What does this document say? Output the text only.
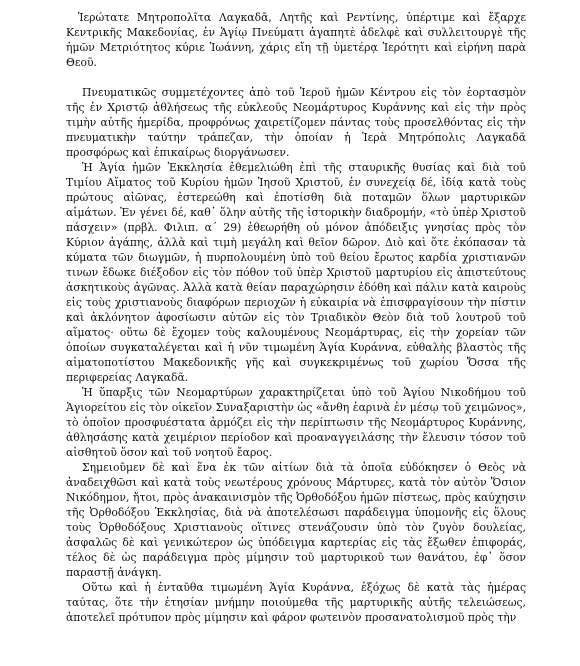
Ἱερώτατε Μητροπολῖτα Λαγκαδᾶ, Λητῆς καὶ Ρεντίνης, ὑπέρτιμε καὶ ἔξαρχε Κεντρικῆς Μακεδονίας, ἐν Ἁγίῳ Πνεύματι ἀγαπητὲ ἀδελφὲ καὶ συλλειτουργὲ τῆς ἡμῶν Μετριότητος κύριε Ἰωάννη, χάρις εἴη τῇ ὑμετέρᾳ Ἱερότητι καὶ εἰρήνη παρὰ Θεοῦ.

Πνευματικῶς συμμετέχοντες ἀπὸ τοῦ Ἱεροῦ ἡμῶν Κέντρου εἰς τὸν ἑορτασμὸν τῆς ἐν Χριστῷ ἀθλήσεως τῆς εὐκλεοῦς Νεομάρτυρος Κυράννης καὶ εἰς τὴν πρὸς τιμὴν αὐτῆς ἡμερίδα, προφρόνως χαιρετίζομεν πάντας τοὺς προσελθόντας εἰς τὴν πνευματικὴν ταύτην τράπεζαν, τὴν ὁποίαν ἡ Ἱερὰ Μητρόπολις Λαγκαδᾶ προσφόρως καὶ ἐπικαίρως διοργάνωσεν.

Ἡ Ἁγία ἡμῶν Ἐκκλησία ἐθεμελιώθη ἐπὶ τῆς σταυρικῆς θυσίας καὶ διὰ τοῦ Τιμίου Αἵματος τοῦ Κυρίου ἡμῶν Ἰησοῦ Χριστοῦ, ἐν συνεχείᾳ δέ, ἰδίᾳ κατὰ τοὺς πρώτους αἰῶνας, ἐστερεώθη καὶ ἐποτίσθη διὰ ποταμῶν ὅλων μαρτυρικῶν αἱμάτων. Ἐν γένει δέ, καθ᾽ ὅλην αὐτῆς τῆς ἱστορικὴν διαδρομήν, «τὸ ὑπὲρ Χριστοῦ πάσχειν» (πρβλ. Φιλιπ. α´ 29) ἐθεωρήθη οὐ μόνον ἀπόδειξις γνησίας πρὸς τὸν Κύριον ἀγάπης, ἀλλὰ καὶ τιμὴ μεγάλη καὶ θεῖον δῶρον. Διὸ καὶ ὅτε ἐκόπασαν τὰ κύματα τῶν διωγμῶν, ἡ πυρπολουμένη ὑπὸ τοῦ θείου ἔρωτος καρδία χριστιανῶν τινων ἔδωκε διέξοδον εἰς τὸν πόθον τοῦ ὑπὲρ Χριστοῦ μαρτυρίου εἰς ἀπιστεύτους ἀσκητικοὺς ἀγῶνας. Ἀλλὰ κατὰ θείαν παραχώρησιν ἐδόθη καὶ πάλιν κατὰ καιροὺς εἰς τοὺς χριστιανοὺς διαφόρων περιοχῶν ἡ εὐκαιρία νὰ ἐπισφραγίσουν τὴν πίστιν καὶ ἀκλόνητον ἀφοσίωσιν αὐτῶν εἰς τὸν Τριαδικὸν Θεὸν διὰ τοῦ λουτροῦ τοῦ αἵματος· οὕτω δὲ ἔχομεν τοὺς καλουμένους Νεομάρτυρας, εἰς τὴν χορείαν τῶν ὁποίων συγκαταλέγεται καὶ ἡ νῦν τιμωμένη Ἁγία Κυράννα, εὐθαλὴς βλαστὸς τῆς αἱματοποτίστου Μακεδονικῆς γῆς καὶ συγκεκριμένως τοῦ χωρίου Ὄσσα τῆς περιφερείας Λαγκαδᾶ.

Ἡ ὕπαρξις τῶν Νεομαρτύρων χαρακτηρίζεται ὑπὸ τοῦ Ἁγίου Νικοδήμου τοῦ Ἁγιορείτου εἰς τὸν οἰκεῖον Συναξαριστὴν ὡς «ἄνθη ἐαρινὰ ἐν μέσῳ τοῦ χειμῶνος», τὸ ὁποῖον προσφυέστατα ἁρμόζει εἰς τὴν περίπτωσιν τῆς Νεομάρτυρος Κυράννης, ἀθλησάσης κατὰ χειμέριον περίοδον καὶ προαναγγειλάσης τὴν ἔλευσιν τόσον τοῦ αἰσθητοῦ ὅσον καὶ τοῦ νοητοῦ ἔαρος.

Σημειοῦμεν δὲ καὶ ἕνα ἐκ τῶν αἰτίων διὰ τὰ ὁποῖα εὐδόκησεν ὁ Θεὸς νὰ ἀναδειχθῶσι καὶ κατὰ τοὺς νεωτέρους χρόνους Μάρτυρες, κατὰ τὸν αὐτὸν Ὅσιον Νικόδημον, ἤτοι, πρὸς ἀνακαινισμὸν τῆς Ὀρθοδόξου ἡμῶν πίστεως, πρὸς καύχησιν τῆς Ὀρθοδόξου Ἐκκλησίας, διὰ νὰ ἀποτελέσωσι παράδειγμα ὑπομονῆς εἰς ὅλους τοὺς Ὀρθοδόξους Χριστιανοὺς οἵτινες στενάζουσιν ὑπὸ τὸν ζυγὸν δουλείας, ἀσφαλῶς δὲ καὶ γενικώτερον ὡς ὑπόδειγμα καρτερίας εἰς τὰς ἔξωθεν ἐπιφοράς, τέλος δὲ ὡς παράδειγμα πρὸς μίμησιν τοῦ μαρτυρικοῦ των θανάτου, ἐφ᾽ ὅσον παραστῇ ἀνάγκη.

Οὕτω καὶ ἡ ἐνταῦθα τιμωμένη Ἁγία Κυράννα, ἐξόχως δὲ κατὰ τὰς ἡμέρας ταύτας, ὅτε τὴν ἐτησίαν μνήμην ποιούμεθα τῆς μαρτυρικῆς αὐτῆς τελειώσεως, ἀποτελεῖ πρότυπον πρὸς μίμησιν καὶ φάρον φωτεινὸν προσανατολισμοῦ πρὸς τὴν
